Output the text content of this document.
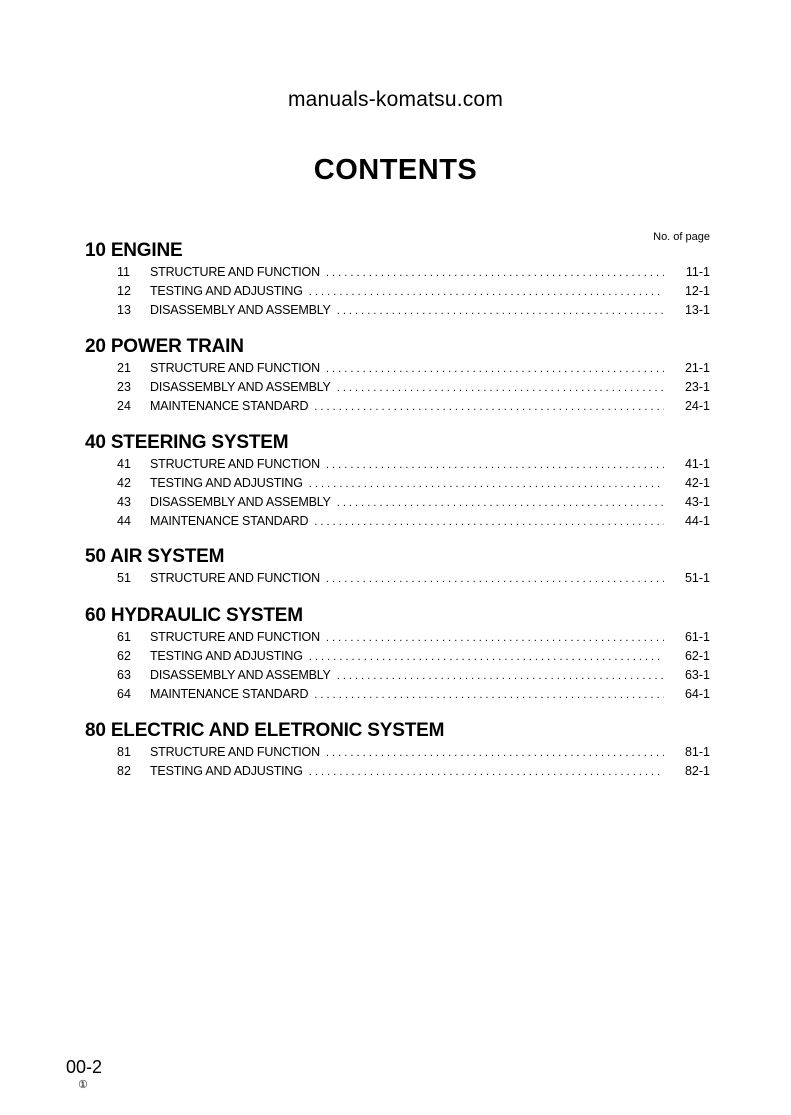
manuals-komatsu.com
CONTENTS
No. of page
10 ENGINE
11	STRUCTURE AND FUNCTION . . .	11-1
12	TESTING AND ADJUSTING . . .	12-1
13	DISASSEMBLY AND ASSEMBLY . . .	13-1
20 POWER TRAIN
21	STRUCTURE AND FUNCTION . . .	21-1
23	DISASSEMBLY AND ASSEMBLY . . .	23-1
24	MAINTENANCE STANDARD . . .	24-1
40 STEERING SYSTEM
41	STRUCTURE AND FUNCTION . . .	41-1
42	TESTING AND ADJUSTING . . .	42-1
43	DISASSEMBLY AND ASSEMBLY . . .	43-1
44	MAINTENANCE STANDARD . . .	44-1
50 AIR SYSTEM
51	STRUCTURE AND FUNCTION . . .	51-1
60 HYDRAULIC SYSTEM
61	STRUCTURE AND FUNCTION . . .	61-1
62	TESTING AND ADJUSTING . . .	62-1
63	DISASSEMBLY AND ASSEMBLY . . .	63-1
64	MAINTENANCE STANDARD . . .	64-1
80 ELECTRIC AND ELETRONIC SYSTEM
81	STRUCTURE AND FUNCTION . . .	81-1
82	TESTING AND ADJUSTING . . .	82-1
00-2
①
